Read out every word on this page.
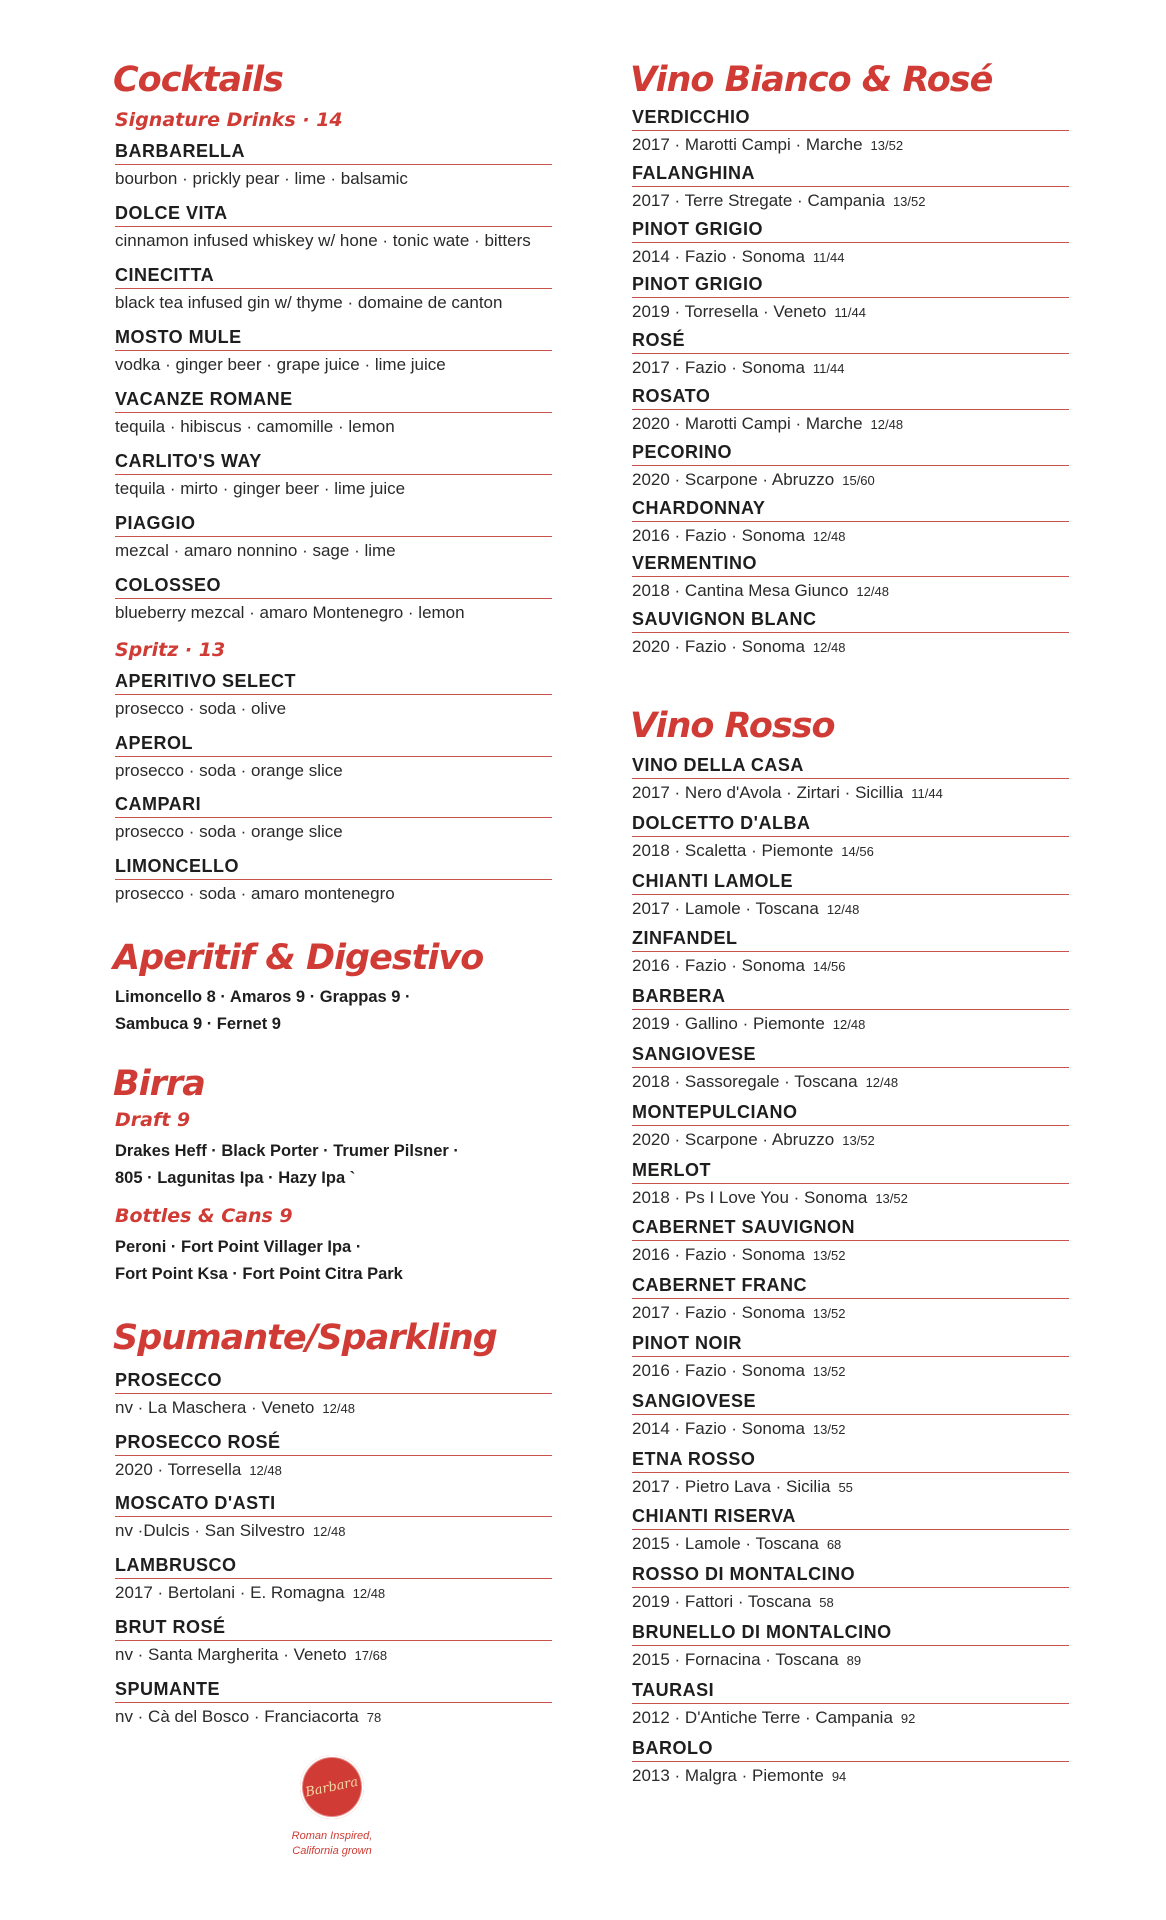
Cocktails
Signature Drinks · 14
BARBARELLA
bourbon · prickly pear · lime · balsamic
DOLCE VITA
cinnamon infused whiskey w/ hone · tonic wate · bitters
CINECITTA
black tea infused gin w/ thyme · domaine de canton
MOSTO MULE
vodka · ginger beer · grape juice · lime juice
VACANZE ROMANE
tequila · hibiscus · camomille · lemon
CARLITO'S WAY
tequila · mirto · ginger beer · lime juice
PIAGGIO
mezcal · amaro nonnino · sage · lime
COLOSSEO
blueberry mezcal · amaro Montenegro · lemon
Spritz · 13
APERITIVO SELECT
prosecco · soda · olive
APEROL
prosecco · soda · orange slice
CAMPARI
prosecco · soda · orange slice
LIMONCELLO
prosecco · soda · amaro montenegro
Aperitif & Digestivo

Limoncello 8 · Amaros 9 · Grappas 9 ·

Sambuca 9 · Fernet 9

Birra
Draft 9

Drakes Heff · Black Porter · Trumer Pilsner ·

805 · Lagunitas Ipa · Hazy Ipa `

Bottles & Cans 9

Peroni · Fort Point Villager Ipa ·

Fort Point Ksa · Fort Point Citra Park

Spumante/Sparkling
PROSECCO
nv · La Maschera · Veneto 12/48
PROSECCO ROSÉ
2020 · Torresella 12/48
MOSCATO D'ASTI
nv ·Dulcis · San Silvestro 12/48
LAMBRUSCO
2017 · Bertolani · E. Romagna 12/48
BRUT ROSÉ
nv · Santa Margherita · Veneto 17/68
SPUMANTE
nv · Cà del Bosco · Franciacorta 78
Vino Bianco & Rosé
VERDICCHIO
2017 · Marotti Campi · Marche 13/52
FALANGHINA
2017 · Terre Stregate · Campania 13/52
PINOT GRIGIO
2014 · Fazio · Sonoma 11/44
PINOT GRIGIO
2019 · Torresella · Veneto 11/44
ROSÉ
2017 · Fazio · Sonoma 11/44
ROSATO
2020 · Marotti Campi · Marche 12/48
PECORINO
2020 · Scarpone · Abruzzo 15/60
CHARDONNAY
2016 · Fazio · Sonoma 12/48
VERMENTINO
2018 · Cantina Mesa Giunco 12/48
SAUVIGNON BLANC
2020 · Fazio · Sonoma 12/48
Vino Rosso
VINO DELLA CASA
2017 · Nero d'Avola · Zirtari · Sicillia 11/44
DOLCETTO D'ALBA
2018 · Scaletta · Piemonte 14/56
CHIANTI LAMOLE
2017 · Lamole · Toscana 12/48
ZINFANDEL
2016 · Fazio · Sonoma 14/56
BARBERA
2019 · Gallino · Piemonte 12/48
SANGIOVESE
2018 · Sassoregale · Toscana 12/48
MONTEPULCIANO
2020 · Scarpone · Abruzzo 13/52
MERLOT
2018 · Ps I Love You · Sonoma 13/52
CABERNET SAUVIGNON
2016 · Fazio · Sonoma 13/52
CABERNET FRANC
2017 · Fazio · Sonoma 13/52
PINOT NOIR
2016 · Fazio · Sonoma 13/52
SANGIOVESE
2014 · Fazio · Sonoma 13/52
ETNA ROSSO
2017 · Pietro Lava · Sicilia 55
CHIANTI RISERVA
2015 · Lamole · Toscana 68
ROSSO DI MONTALCINO
2019 · Fattori · Toscana 58
BRUNELLO DI MONTALCINO
2015 · Fornacina · Toscana 89
TAURASI
2012 · D'Antiche Terre · Campania 92
BAROLO
2013 · Malgra · Piemonte 94
Barbara
Roman Inspired,
California grown
